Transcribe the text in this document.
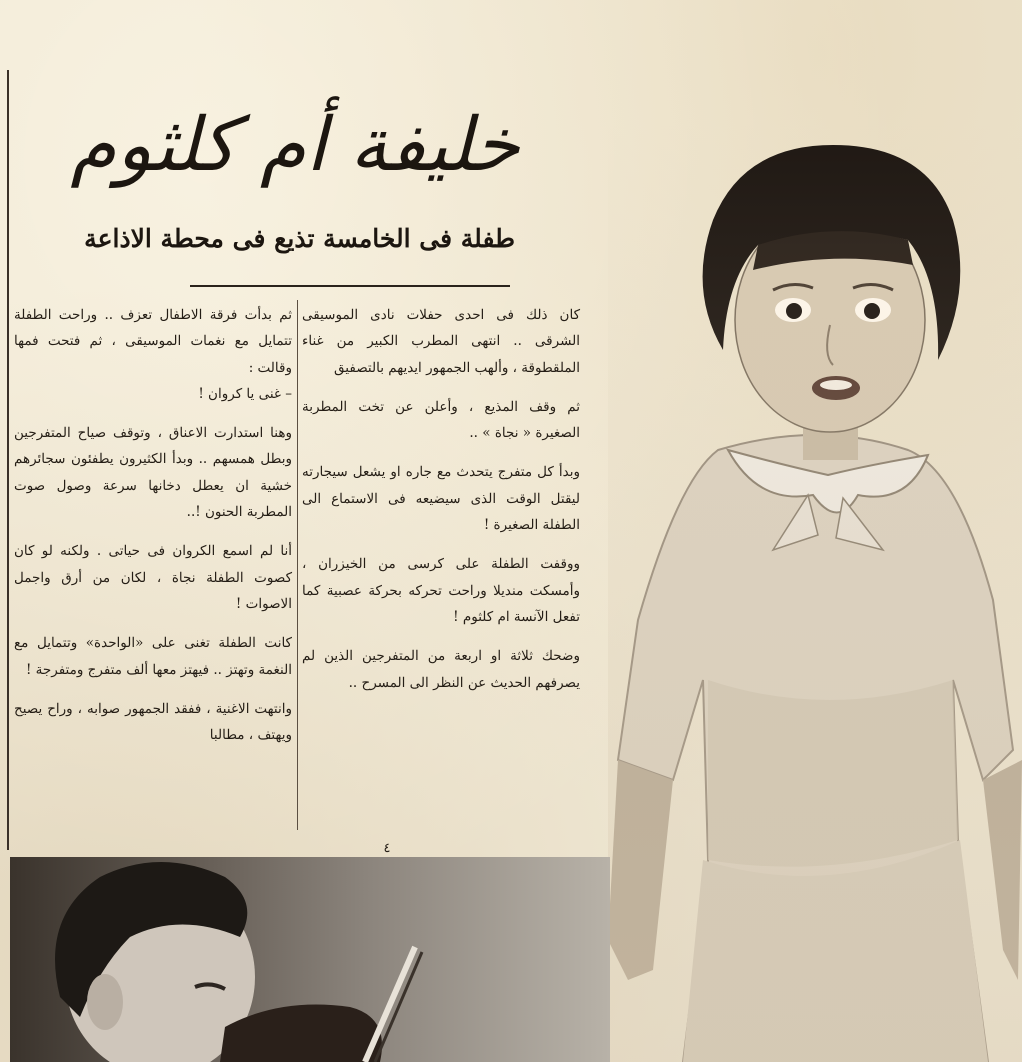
خليفة أم كلثوم
طفلة فى الخامسة تذيع فى محطة الاذاعة

كان ذلك فى احدى حفلات نادى الموسيقى الشرقى .. انتهى المطرب الكبير من غناء الملقطوقة ، وألهب الجمهور ايديهم بالتصفيق

ثم وقف المذيع ، وأعلن عن تخت المطربة الصغيرة « نجاة » ..

وبدأ كل متفرج يتحدث مع جاره او يشعل سيجارته ليقتل الوقت الذى سيضيعه فى الاستماع الى الطفلة الصغيرة !

ووقفت الطفلة على كرسى من الخيزران ، وأمسكت منديلا وراحت تحركه بحركة عصبية كما تفعل الآنسة ام كلثوم !

وضحك ثلاثة او اربعة من المتفرجين الذين لم يصرفهم الحديث عن النظر الى المسرح ..

ثم بدأت فرقة الاطفال تعزف .. وراحت الطفلة تتمايل مع نغمات الموسيقى ، ثم فتحت فمها وقالت :

– غنى يا كروان !

وهنا استدارت الاعناق ، وتوقف صياح المتفرجين وبطل همسهم .. وبدأ الكثيرون يطفئون سجائرهم خشية ان يعطل دخانها سرعة وصول صوت المطربة الحنون !..

أنا لم اسمع الكروان فى حياتى . ولكنه لو كان كصوت الطفلة نجاة ، لكان من أرق واجمل الاصوات !

كانت الطفلة تغنى على «الواحدة» وتتمايل مع النغمة وتهتز .. فيهتز معها ألف متفرج ومتفرجة !

وانتهت الاغنية ، ففقد الجمهور صوابه ، وراح يصيح ويهتف ، مطالبا

٤
